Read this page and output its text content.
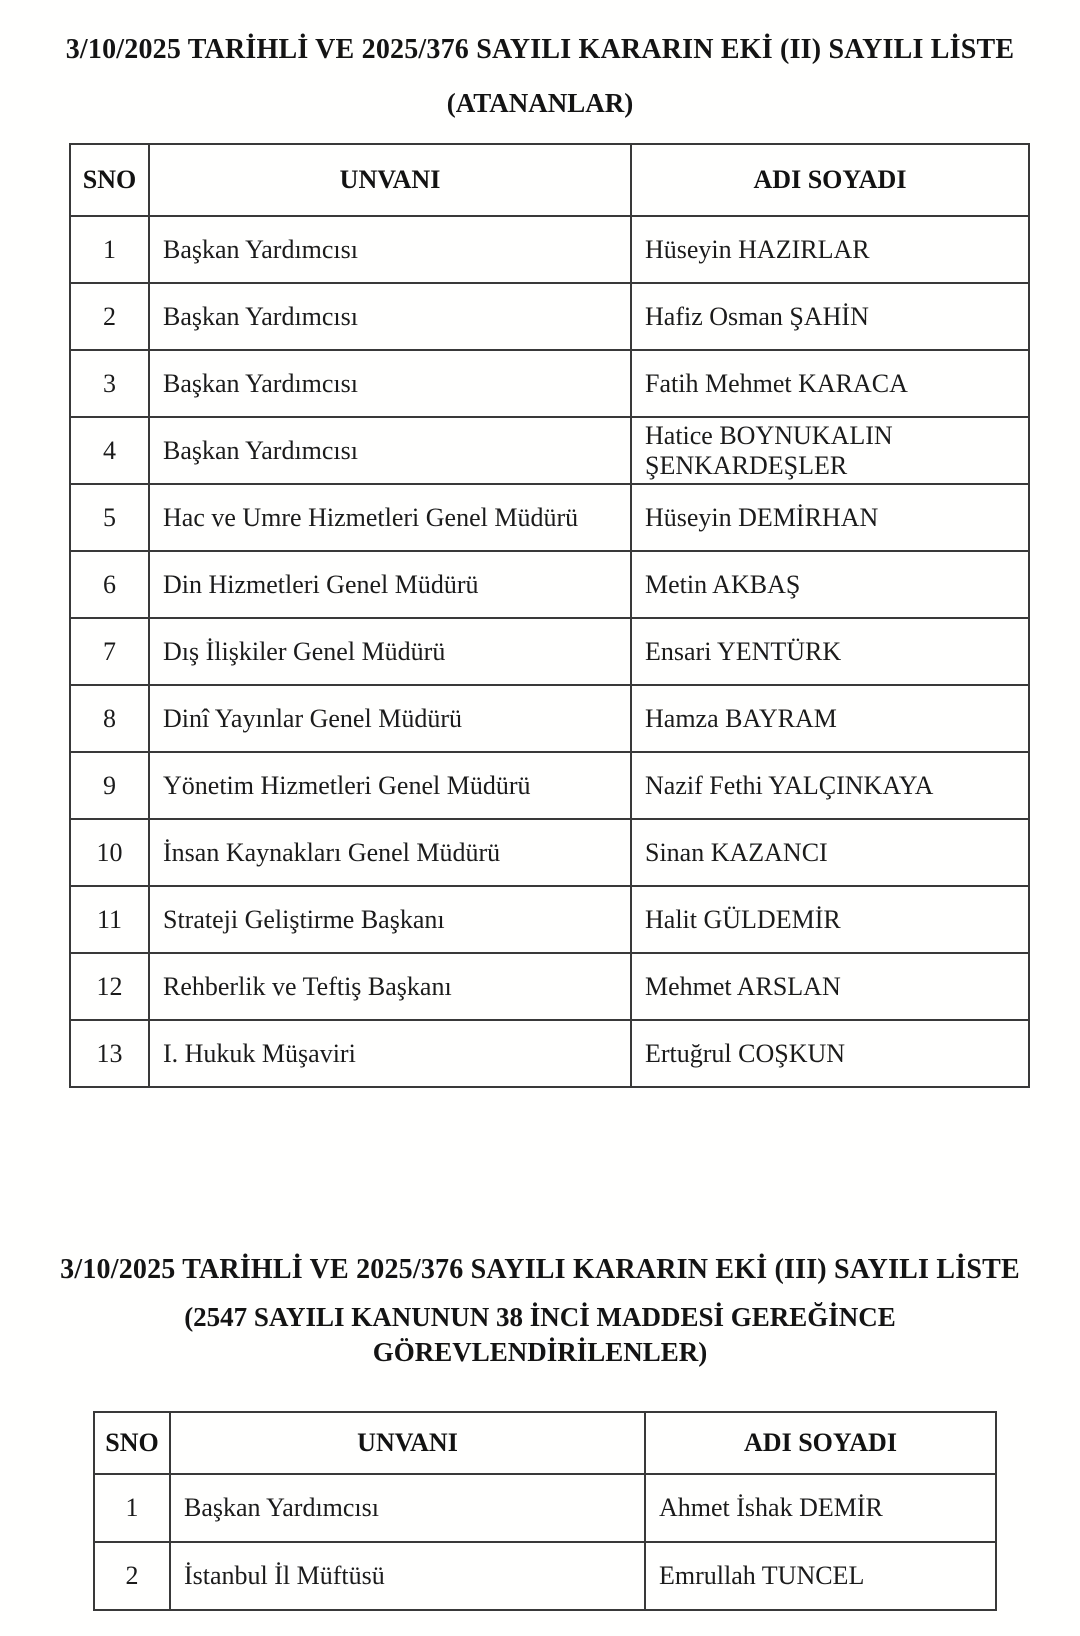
3/10/2025 TARİHLİ VE 2025/376 SAYILI KARARIN EKİ (II) SAYILI LİSTE
(ATANANLAR)
SNO	UNVANI	ADI SOYADI
1	Başkan Yardımcısı	Hüseyin HAZIRLAR
2	Başkan Yardımcısı	Hafiz Osman ŞAHİN
3	Başkan Yardımcısı	Fatih Mehmet KARACA
4	Başkan Yardımcısı	Hatice BOYNUKALIN ŞENKARDEŞLER
5	Hac ve Umre Hizmetleri Genel Müdürü	Hüseyin DEMİRHAN
6	Din Hizmetleri Genel Müdürü	Metin AKBAŞ
7	Dış İlişkiler Genel Müdürü	Ensari YENTÜRK
8	Dinî Yayınlar Genel Müdürü	Hamza BAYRAM
9	Yönetim Hizmetleri Genel Müdürü	Nazif Fethi YALÇINKAYA
10	İnsan Kaynakları Genel Müdürü	Sinan KAZANCI
11	Strateji Geliştirme Başkanı	Halit GÜLDEMİR
12	Rehberlik ve Teftiş Başkanı	Mehmet ARSLAN
13	I. Hukuk Müşaviri	Ertuğrul COŞKUN
3/10/2025 TARİHLİ VE 2025/376 SAYILI KARARIN EKİ (III) SAYILI LİSTE
(2547 SAYILI KANUNUN 38 İNCİ MADDESİ GEREĞİNCE
GÖREVLENDİRİLENLER)
SNO	UNVANI	ADI SOYADI
1	Başkan Yardımcısı	Ahmet İshak DEMİR
2	İstanbul İl Müftüsü	Emrullah TUNCEL
